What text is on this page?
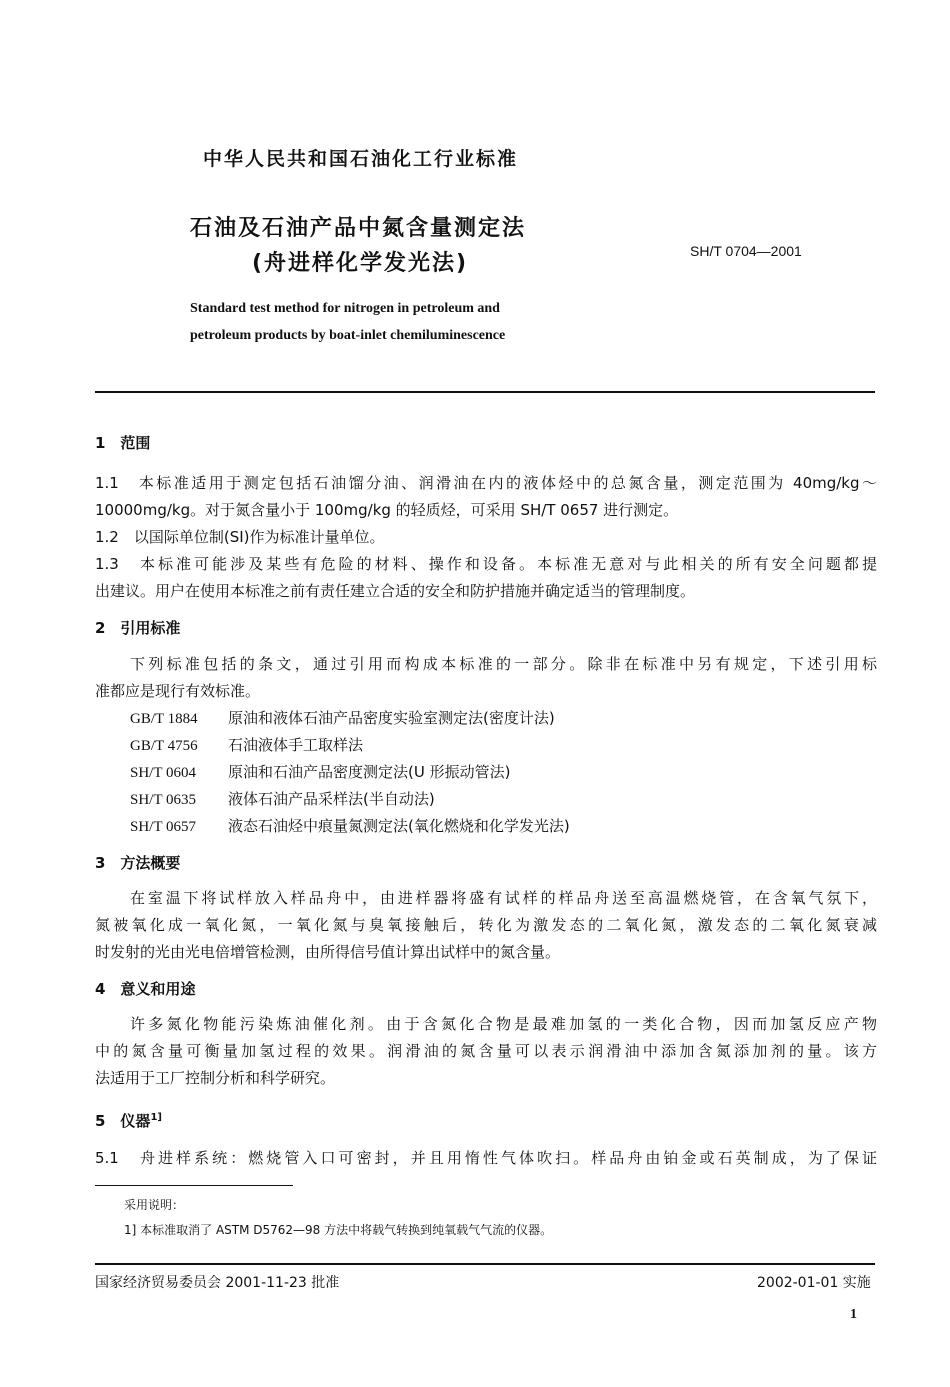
中华人民共和国石油化工行业标准
石油及石油产品中氮含量测定法
(舟进样化学发光法)	SH/T 0704—2001
Standard test method for nitrogen in petroleum and
petroleum products by boat-inlet chemiluminescence
1　范围
1.1　本标准适用于测定包括石油馏分油、润滑油在内的液体烃中的总氮含量，测定范围为 40mg/kg～
10000mg/kg。对于氮含量小于 100mg/kg 的轻质烃，可采用 SH/T 0657 进行测定。
1.2　以国际单位制(SI)作为标准计量单位。
1.3　本标准可能涉及某些有危险的材料、操作和设备。本标准无意对与此相关的所有安全问题都提
出建议。用户在使用本标准之前有责任建立合适的安全和防护措施并确定适当的管理制度。
2　引用标准
下列标准包括的条文，通过引用而构成本标准的一部分。除非在标准中另有规定，下述引用标
准都应是现行有效标准。
GB/T 1884 原油和液体石油产品密度实验室测定法(密度计法)
GB/T 4756 石油液体手工取样法
SH/T 0604 原油和石油产品密度测定法(U 形振动管法)
SH/T 0635 液体石油产品采样法(半自动法)
SH/T 0657 液态石油烃中痕量氮测定法(氧化燃烧和化学发光法)
3　方法概要
在室温下将试样放入样品舟中，由进样器将盛有试样的样品舟送至高温燃烧管，在含氧气氛下，
氮被氧化成一氧化氮，一氧化氮与臭氧接触后，转化为激发态的二氧化氮，激发态的二氧化氮衰减
时发射的光由光电倍增管检测，由所得信号值计算出试样中的氮含量。
4　意义和用途
许多氮化物能污染炼油催化剂。由于含氮化合物是最难加氢的一类化合物，因而加氢反应产物
中的氮含量可衡量加氢过程的效果。润滑油的氮含量可以表示润滑油中添加含氮添加剂的量。该方
法适用于工厂控制分析和科学研究。
5　仪器$^{1]}$
5.1　舟进样系统：燃烧管入口可密封，并且用惰性气体吹扫。样品舟由铂金或石英制成，为了保证
采用说明：
1] 本标准取消了 ASTM D5762—98 方法中将载气转换到纯氧载气气流的仪器。
国家经济贸易委员会 2001-11-23 批准	2002-01-01 实施
1
